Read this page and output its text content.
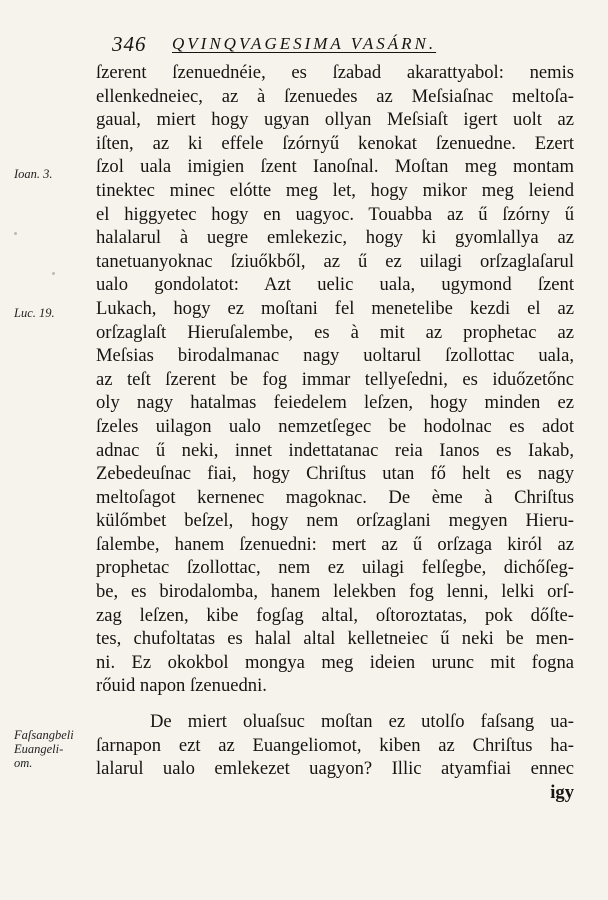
346 QVINQVAGESIMA VASÁRN.
Ioan. 3.
Luc. 19.
Faſsangbeli
Euangeli-
om.
ſzerent ſzenuednéie, es ſzabad akarattyabol: nemis
ellenkedneiec, az à ſzenuedes az Meſsiaſnac meltoſa-
gaual, miert hogy ugyan ollyan Meſsiaſt igert uolt az
iſten, az ki effele ſzórnyű kenokat ſzenuedne. Ezert
ſzol uala imigien ſzent Ianoſnal. Moſtan meg montam
tinektec minec elótte meg let, hogy mikor meg leiend
el higgyetec hogy en uagyoc. Touabba az ű ſzórny ű
halalarul à uegre emlekezic, hogy ki gyomlallya az
tanetuanyoknac ſziuőkből, az ű ez uilagi orſzaglaſarul
ualo gondolatot: Azt uelic uala, ugymond ſzent
Lukach, hogy ez moſtani fel menetelibe kezdi el az
orſzaglaſt Hieruſalembe, es à mit az prophetac az
Meſsias birodalmanac nagy uoltarul ſzollottac uala,
az teſt ſzerent be fog immar tellyeſedni, es iduőzetőnc
oly nagy hatalmas feiedelem leſzen, hogy minden ez
ſzeles uilagon ualo nemzetſegec be hodolnac es adot
adnac ű neki, innet indettatanac reia Ianos es Iakab,
Zebedeuſnac fiai, hogy Chriſtus utan fő helt es nagy
meltoſagot kernenec magoknac. De ème à Chriſtus
külőmbet beſzel, hogy nem orſzaglani megyen Hieru-
ſalembe, hanem ſzenuedni: mert az ű orſzaga kiról az
prophetac ſzollottac, nem ez uilagi felſegbe, dichőſeg-
be, es birodalomba, hanem lelekben fog lenni, lelki orſ-
zag leſzen, kibe fogſag altal, oſtoroztatas, pok dőſte-
tes, chufoltatas es halal altal kelletneiec ű neki be men-
ni. Ez okokbol mongya meg ideien urunc mit fogna
rőuid napon ſzenuedni.
De miert oluaſsuc moſtan ez utolſo faſsang ua-
ſarnapon ezt az Euangeliomot, kiben az Chriſtus ha-
lalarul ualo emlekezet uagyon? Illic atyamfiai ennec
igy
